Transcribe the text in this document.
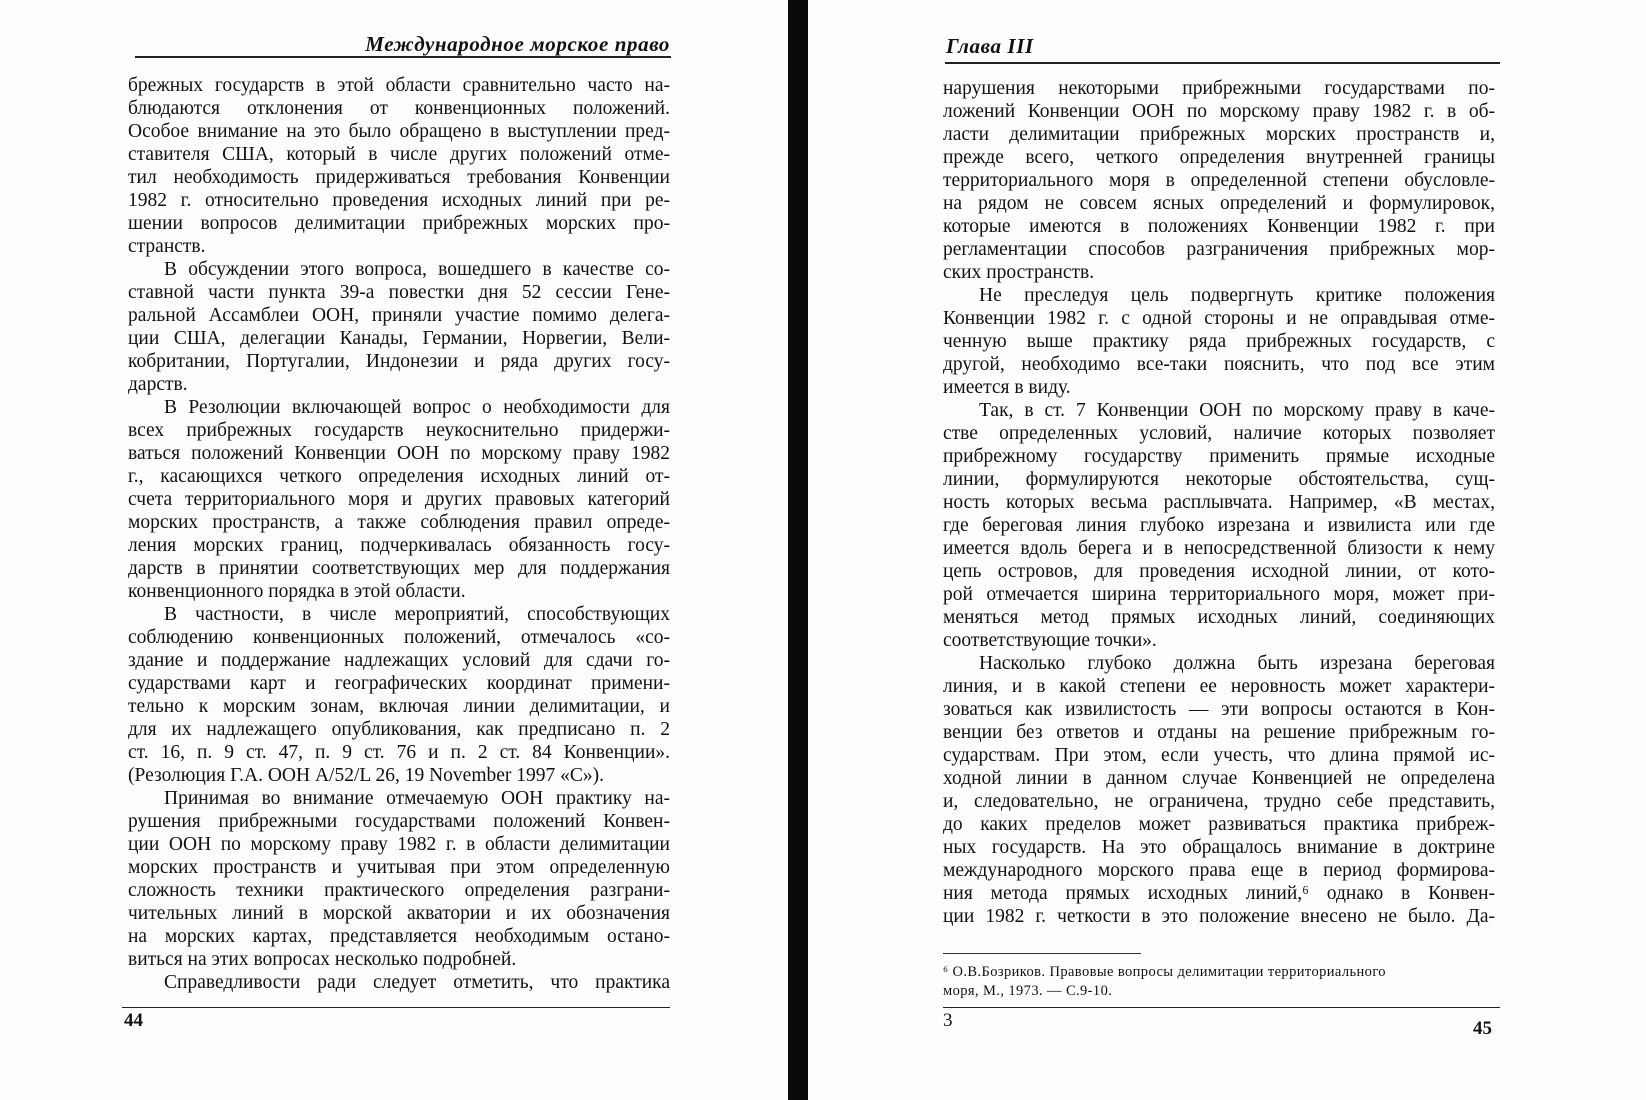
Международное морское право
брежных государств в этой области сравнительно часто на-
блюдаются отклонения от конвенционных положений.
Особое внимание на это было обращено в выступлении пред-
ставителя США, который в числе других положений отме-
тил необходимость придерживаться требования Конвенции
1982 г. относительно проведения исходных линий при ре-
шении вопросов делимитации прибрежных морских про-
странств.
В обсуждении этого вопроса, вошедшего в качестве со-
ставной части пункта 39-а повестки дня 52 сессии Гене-
ральной Ассамблеи ООН, приняли участие помимо делега-
ции США, делегации Канады, Германии, Норвегии, Вели-
кобритании, Португалии, Индонезии и ряда других госу-
дарств.
В Резолюции включающей вопрос о необходимости для
всех прибрежных государств неукоснительно придержи-
ваться положений Конвенции ООН по морскому праву 1982
г., касающихся четкого определения исходных линий от-
счета территориального моря и других правовых категорий
морских пространств, а также соблюдения правил опреде-
ления морских границ, подчеркивалась обязанность госу-
дарств в принятии соответствующих мер для поддержания
конвенционного порядка в этой области.
В частности, в числе мероприятий, способствующих
соблюдению конвенционных положений, отмечалось «со-
здание и поддержание надлежащих условий для сдачи го-
сударствами карт и географических координат примени-
тельно к морским зонам, включая линии делимитации, и
для их надлежащего опубликования, как предписано п. 2
ст. 16, п. 9 ст. 47, п. 9 ст. 76 и п. 2 ст. 84 Конвенции».
(Резолюция Г.А. ООН A/52/L 26, 19 November 1997 «C»).
Принимая во внимание отмечаемую ООН практику на-
рушения прибрежными государствами положений Конвен-
ции ООН по морскому праву 1982 г. в области делимитации
морских пространств и учитывая при этом определенную
сложность техники практического определения разграни-
чительных линий в морской акватории и их обозначения
на морских картах, представляется необходимым остано-
виться на этих вопросах несколько подробней.
Справедливости ради следует отметить, что практика
44
Глава III
нарушения некоторыми прибрежными государствами по-
ложений Конвенции ООН по морскому праву 1982 г. в об-
ласти делимитации прибрежных морских пространств и,
прежде всего, четкого определения внутренней границы
территориального моря в определенной степени обусловле-
на рядом не совсем ясных определений и формулировок,
которые имеются в положениях Конвенции 1982 г. при
регламентации способов разграничения прибрежных мор-
ских пространств.
Не преследуя цель подвергнуть критике положения
Конвенции 1982 г. с одной стороны и не оправдывая отме-
ченную выше практику ряда прибрежных государств, с
другой, необходимо все-таки пояснить, что под все этим
имеется в виду.
Так, в ст. 7 Конвенции ООН по морскому праву в каче-
стве определенных условий, наличие которых позволяет
прибрежному государству применить прямые исходные
линии, формулируются некоторые обстоятельства, сущ-
ность которых весьма расплывчата. Например, «В местах,
где береговая линия глубоко изрезана и извилиста или где
имеется вдоль берега и в непосредственной близости к нему
цепь островов, для проведения исходной линии, от кото-
рой отмечается ширина территориального моря, может при-
меняться метод прямых исходных линий, соединяющих
соответствующие точки».
Насколько глубоко должна быть изрезана береговая
линия, и в какой степени ее неровность может характери-
зоваться как извилистость — эти вопросы остаются в Кон-
венции без ответов и отданы на решение прибрежным го-
сударствам. При этом, если учесть, что длина прямой ис-
ходной линии в данном случае Конвенцией не определена
и, следовательно, не ограничена, трудно себе представить,
до каких пределов может развиваться практика прибреж-
ных государств. На это обращалось внимание в доктрине
международного морского права еще в период формирова-
ния метода прямых исходных линий,⁶ однако в Конвен-
ции 1982 г. четкости в это положение внесено не было. Да-
⁶ О.В.Бозриков. Правовые вопросы делимитации территориального
моря, М., 1973. — С.9-10.
3	45
